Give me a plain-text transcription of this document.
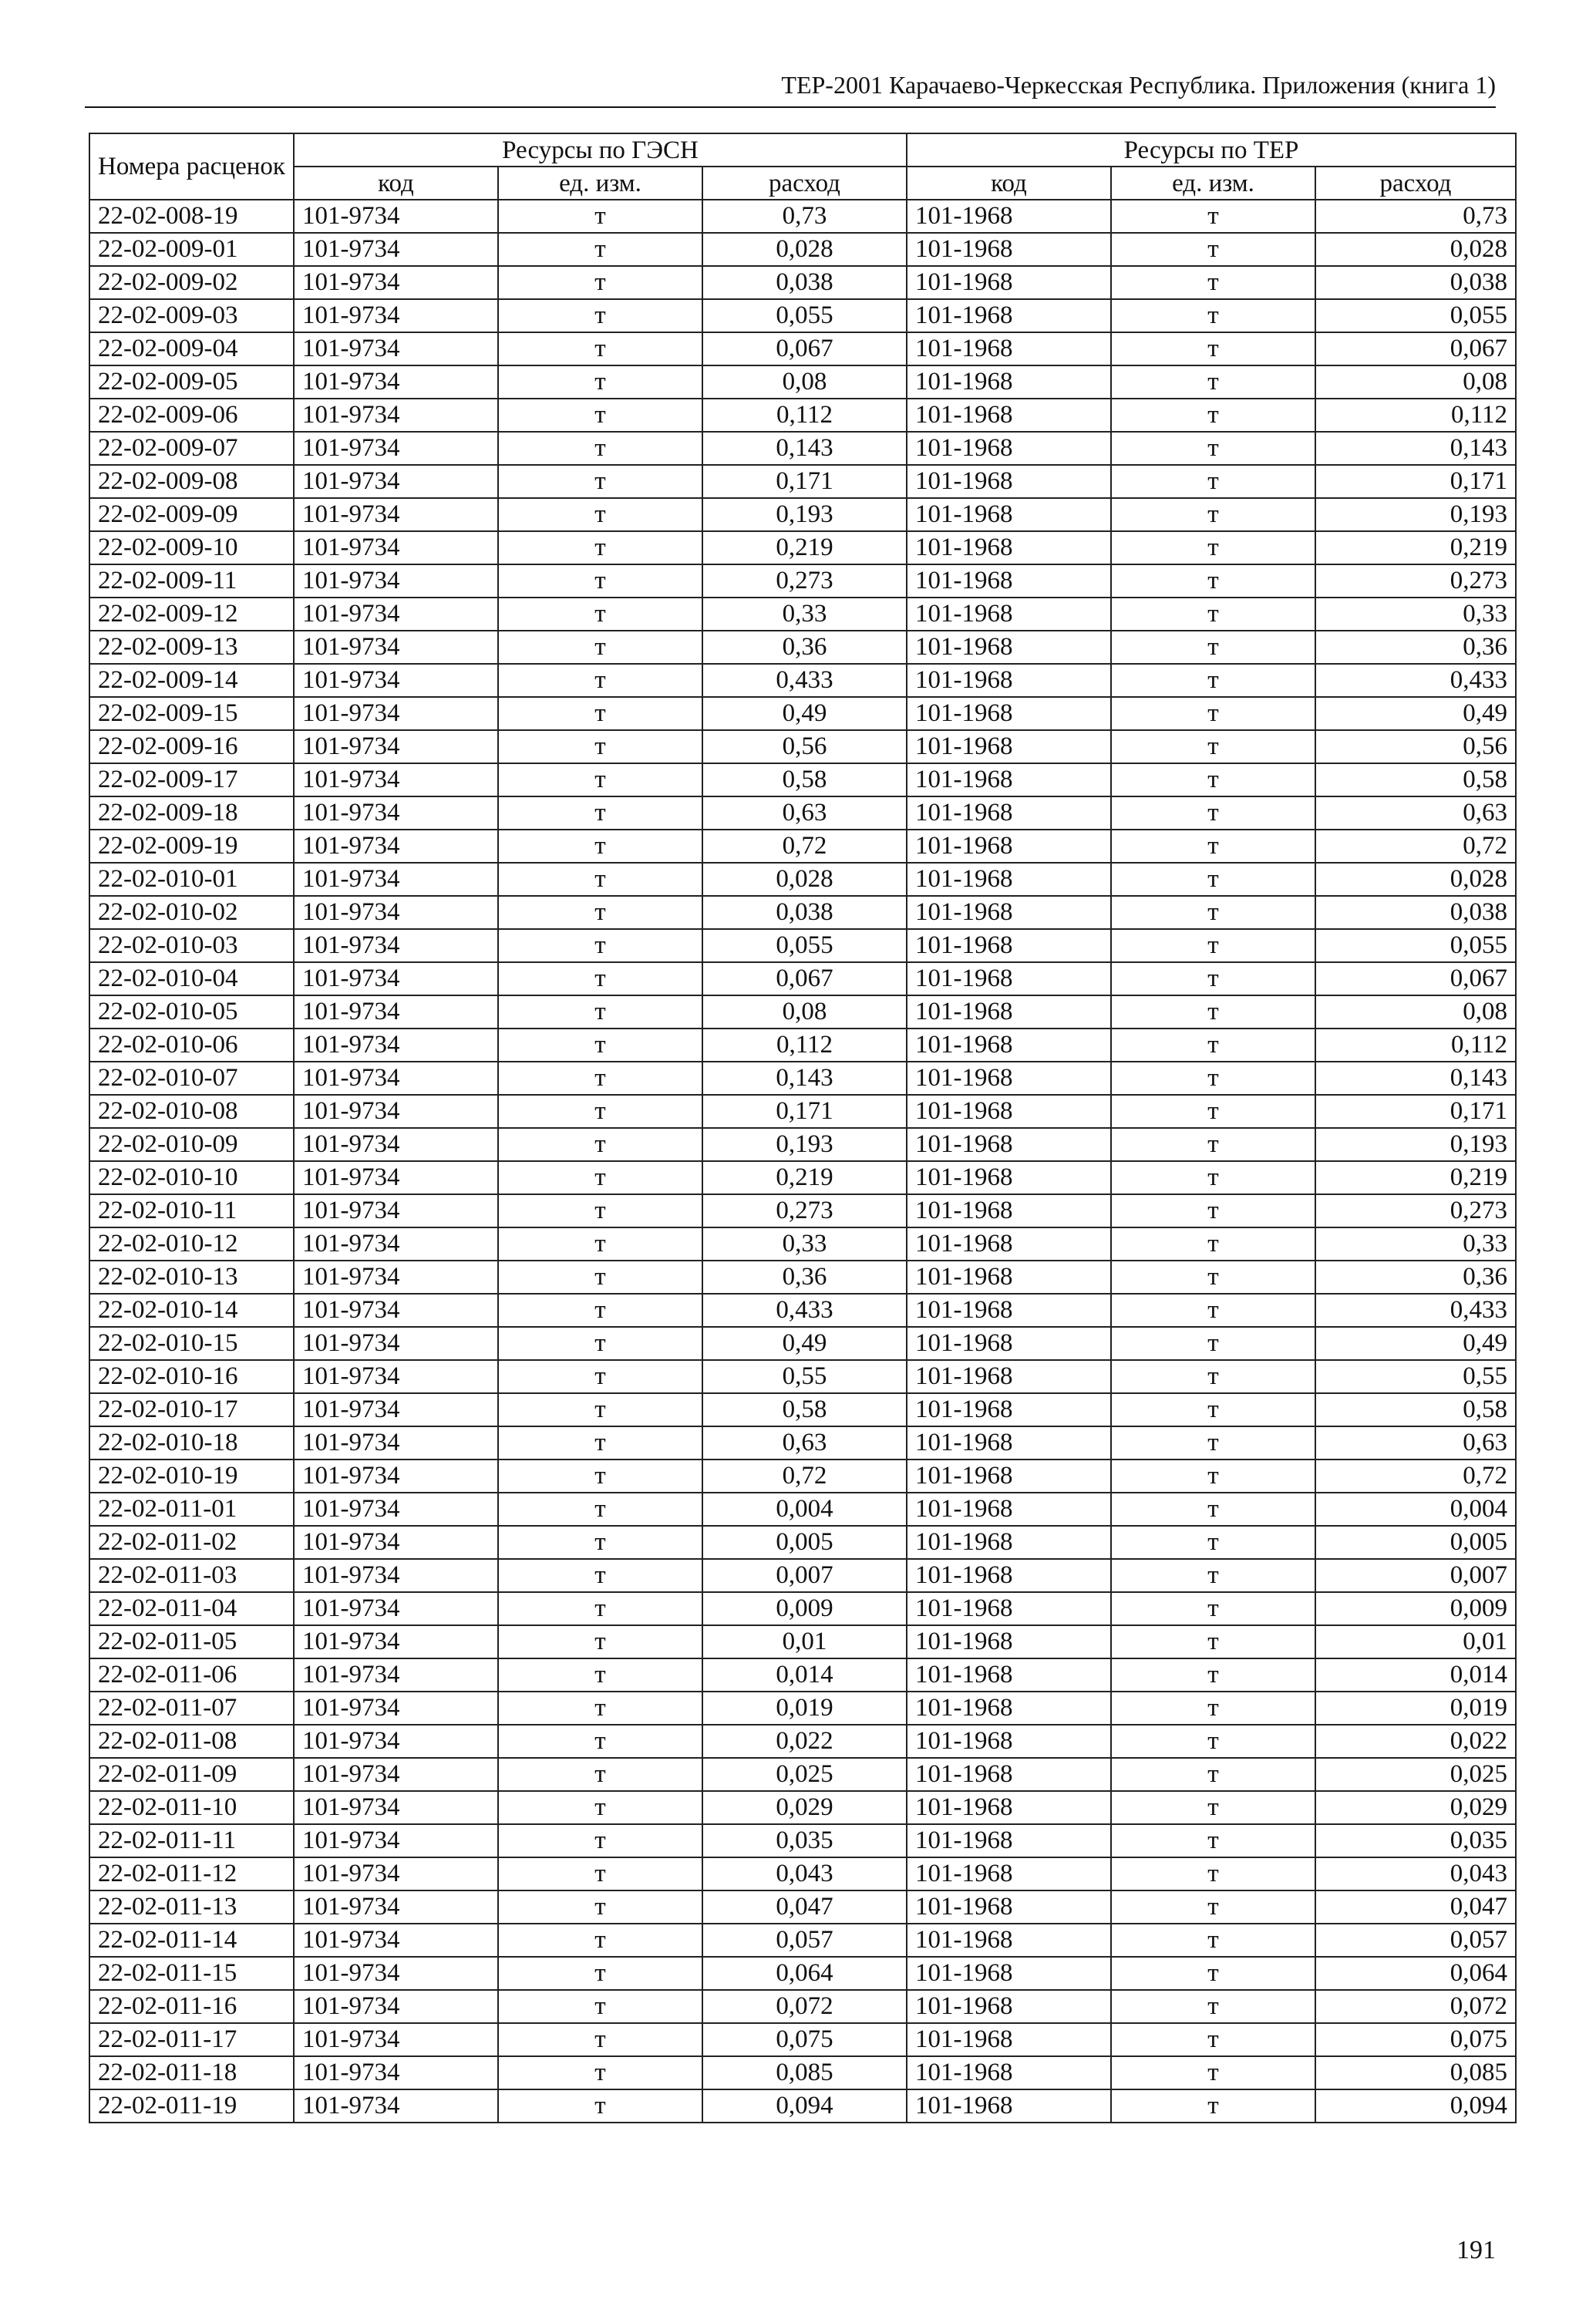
ТЕР-2001 Карачаево-Черкесская Республика. Приложения (книга 1)
Номера расценок	Ресурсы по ГЭСН			Ресурсы по ТЕР		
	код	ед. изм.	расход	код	ед. изм.	расход
22-02-008-19	101-9734	т	0,73	101-1968	т	0,73
22-02-009-01	101-9734	т	0,028	101-1968	т	0,028
22-02-009-02	101-9734	т	0,038	101-1968	т	0,038
22-02-009-03	101-9734	т	0,055	101-1968	т	0,055
22-02-009-04	101-9734	т	0,067	101-1968	т	0,067
22-02-009-05	101-9734	т	0,08	101-1968	т	0,08
22-02-009-06	101-9734	т	0,112	101-1968	т	0,112
22-02-009-07	101-9734	т	0,143	101-1968	т	0,143
22-02-009-08	101-9734	т	0,171	101-1968	т	0,171
22-02-009-09	101-9734	т	0,193	101-1968	т	0,193
22-02-009-10	101-9734	т	0,219	101-1968	т	0,219
22-02-009-11	101-9734	т	0,273	101-1968	т	0,273
22-02-009-12	101-9734	т	0,33	101-1968	т	0,33
22-02-009-13	101-9734	т	0,36	101-1968	т	0,36
22-02-009-14	101-9734	т	0,433	101-1968	т	0,433
22-02-009-15	101-9734	т	0,49	101-1968	т	0,49
22-02-009-16	101-9734	т	0,56	101-1968	т	0,56
22-02-009-17	101-9734	т	0,58	101-1968	т	0,58
22-02-009-18	101-9734	т	0,63	101-1968	т	0,63
22-02-009-19	101-9734	т	0,72	101-1968	т	0,72
22-02-010-01	101-9734	т	0,028	101-1968	т	0,028
22-02-010-02	101-9734	т	0,038	101-1968	т	0,038
22-02-010-03	101-9734	т	0,055	101-1968	т	0,055
22-02-010-04	101-9734	т	0,067	101-1968	т	0,067
22-02-010-05	101-9734	т	0,08	101-1968	т	0,08
22-02-010-06	101-9734	т	0,112	101-1968	т	0,112
22-02-010-07	101-9734	т	0,143	101-1968	т	0,143
22-02-010-08	101-9734	т	0,171	101-1968	т	0,171
22-02-010-09	101-9734	т	0,193	101-1968	т	0,193
22-02-010-10	101-9734	т	0,219	101-1968	т	0,219
22-02-010-11	101-9734	т	0,273	101-1968	т	0,273
22-02-010-12	101-9734	т	0,33	101-1968	т	0,33
22-02-010-13	101-9734	т	0,36	101-1968	т	0,36
22-02-010-14	101-9734	т	0,433	101-1968	т	0,433
22-02-010-15	101-9734	т	0,49	101-1968	т	0,49
22-02-010-16	101-9734	т	0,55	101-1968	т	0,55
22-02-010-17	101-9734	т	0,58	101-1968	т	0,58
22-02-010-18	101-9734	т	0,63	101-1968	т	0,63
22-02-010-19	101-9734	т	0,72	101-1968	т	0,72
22-02-011-01	101-9734	т	0,004	101-1968	т	0,004
22-02-011-02	101-9734	т	0,005	101-1968	т	0,005
22-02-011-03	101-9734	т	0,007	101-1968	т	0,007
22-02-011-04	101-9734	т	0,009	101-1968	т	0,009
22-02-011-05	101-9734	т	0,01	101-1968	т	0,01
22-02-011-06	101-9734	т	0,014	101-1968	т	0,014
22-02-011-07	101-9734	т	0,019	101-1968	т	0,019
22-02-011-08	101-9734	т	0,022	101-1968	т	0,022
22-02-011-09	101-9734	т	0,025	101-1968	т	0,025
22-02-011-10	101-9734	т	0,029	101-1968	т	0,029
22-02-011-11	101-9734	т	0,035	101-1968	т	0,035
22-02-011-12	101-9734	т	0,043	101-1968	т	0,043
22-02-011-13	101-9734	т	0,047	101-1968	т	0,047
22-02-011-14	101-9734	т	0,057	101-1968	т	0,057
22-02-011-15	101-9734	т	0,064	101-1968	т	0,064
22-02-011-16	101-9734	т	0,072	101-1968	т	0,072
22-02-011-17	101-9734	т	0,075	101-1968	т	0,075
22-02-011-18	101-9734	т	0,085	101-1968	т	0,085
22-02-011-19	101-9734	т	0,094	101-1968	т	0,094
191
